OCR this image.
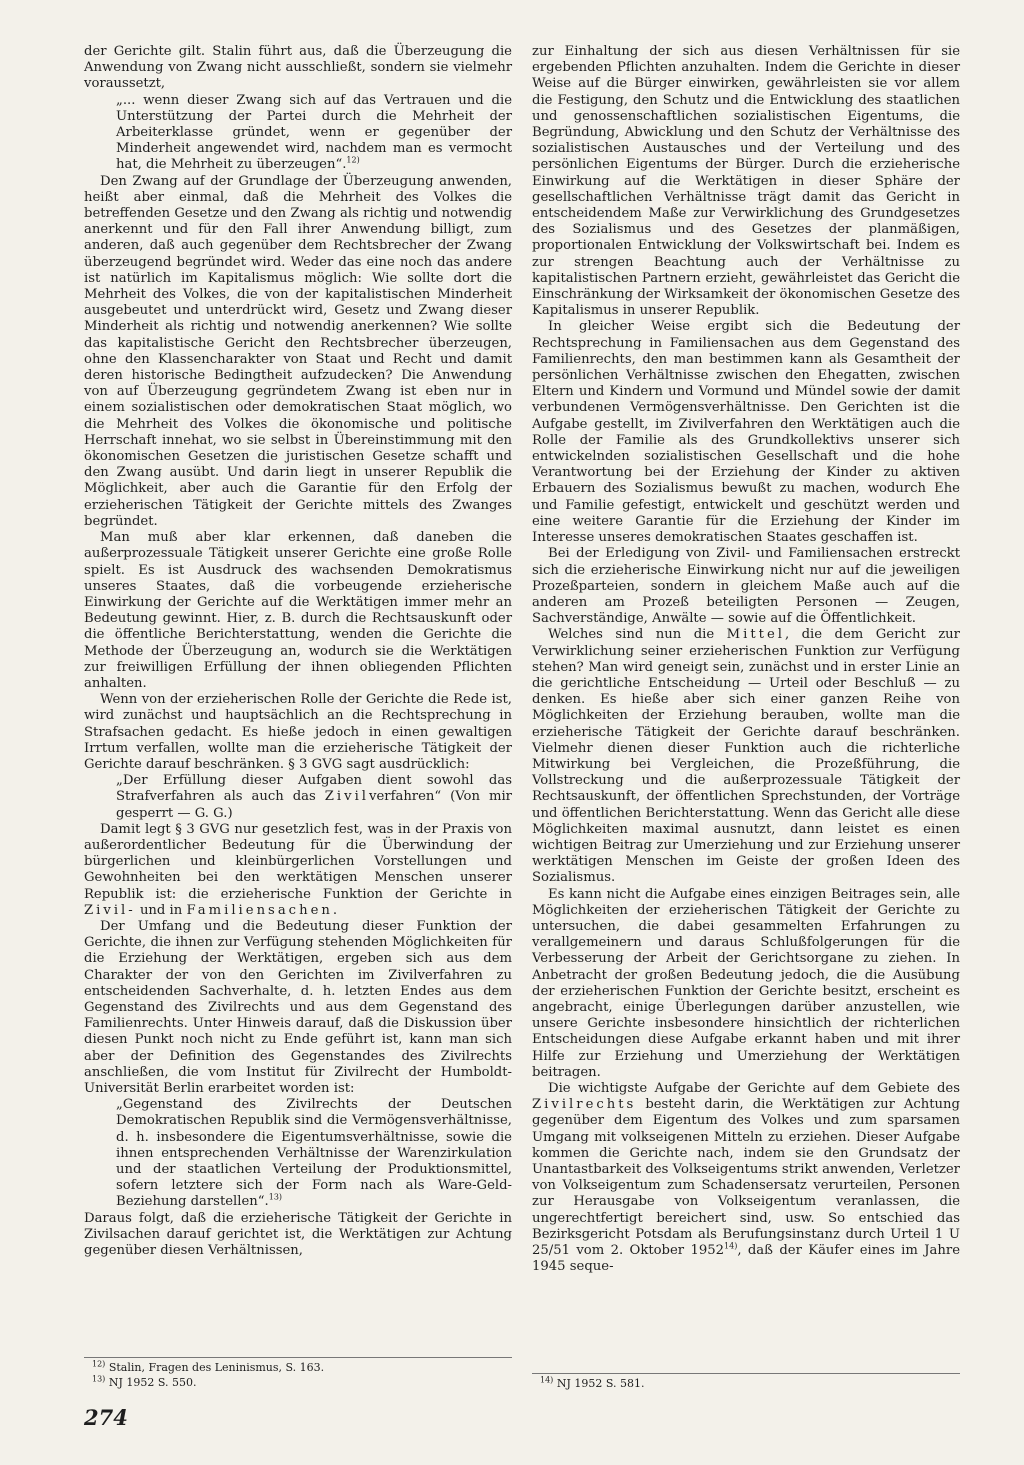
der Gerichte gilt. Stalin führt aus, daß die Überzeugung die Anwendung von Zwang nicht ausschließt, sondern sie vielmehr voraussetzt,

„... wenn dieser Zwang sich auf das Vertrauen und die Unterstützung der Partei durch die Mehrheit der Arbeiterklasse gründet, wenn er gegenüber der Minderheit angewendet wird, nachdem man es vermocht hat, die Mehrheit zu überzeugen“.$^{12)}$

Den Zwang auf der Grundlage der Überzeugung anwenden, heißt aber einmal, daß die Mehrheit des Volkes die betreffenden Gesetze und den Zwang als richtig und notwendig anerkennt und für den Fall ihrer Anwendung billigt, zum anderen, daß auch gegenüber dem Rechtsbrecher der Zwang überzeugend begründet wird. Weder das eine noch das andere ist natürlich im Kapitalismus möglich: Wie sollte dort die Mehrheit des Volkes, die von der kapitalistischen Minderheit ausgebeutet und unterdrückt wird, Gesetz und Zwang dieser Minderheit als richtig und notwendig anerkennen? Wie sollte das kapitalistische Gericht den Rechtsbrecher überzeugen, ohne den Klassencharakter von Staat und Recht und damit deren historische Bedingtheit aufzudecken? Die Anwendung von auf Überzeugung gegründetem Zwang ist eben nur in einem sozialistischen oder demokratischen Staat möglich, wo die Mehrheit des Volkes die ökonomische und politische Herrschaft innehat, wo sie selbst in Übereinstimmung mit den ökonomischen Gesetzen die juristischen Gesetze schafft und den Zwang ausübt. Und darin liegt in unserer Republik die Möglichkeit, aber auch die Garantie für den Erfolg der erzieherischen Tätigkeit der Gerichte mittels des Zwanges begründet.

Man muß aber klar erkennen, daß daneben die außerprozessuale Tätigkeit unserer Gerichte eine große Rolle spielt. Es ist Ausdruck des wachsenden Demokratismus unseres Staates, daß die vorbeugende erzieherische Einwirkung der Gerichte auf die Werktätigen immer mehr an Bedeutung gewinnt. Hier, z. B. durch die Rechtsauskunft oder die öffentliche Berichterstattung, wenden die Gerichte die Methode der Überzeugung an, wodurch sie die Werktätigen zur freiwilligen Erfüllung der ihnen obliegenden Pflichten anhalten.

Wenn von der erzieherischen Rolle der Gerichte die Rede ist, wird zunächst und hauptsächlich an die Rechtsprechung in Strafsachen gedacht. Es hieße jedoch in einen gewaltigen Irrtum verfallen, wollte man die erzieherische Tätigkeit der Gerichte darauf beschränken. § 3 GVG sagt ausdrücklich:

„Der Erfüllung dieser Aufgaben dient sowohl das Strafverfahren als auch das Zivilverfahren“ (Von mir gesperrt — G. G.)

Damit legt § 3 GVG nur gesetzlich fest, was in der Praxis von außerordentlicher Bedeutung für die Überwindung der bürgerlichen und kleinbürgerlichen Vorstellungen und Gewohnheiten bei den werktätigen Menschen unserer Republik ist: die erzieherische Funktion der Gerichte in Zivil- und in Familiensachen.

Der Umfang und die Bedeutung dieser Funktion der Gerichte, die ihnen zur Verfügung stehenden Möglichkeiten für die Erziehung der Werktätigen, ergeben sich aus dem Charakter der von den Gerichten im Zivilverfahren zu entscheidenden Sachverhalte, d. h. letzten Endes aus dem Gegenstand des Zivilrechts und aus dem Gegenstand des Familienrechts. Unter Hinweis darauf, daß die Diskussion über diesen Punkt noch nicht zu Ende geführt ist, kann man sich aber der Definition des Gegenstandes des Zivilrechts anschließen, die vom Institut für Zivilrecht der Humboldt-Universität Berlin erarbeitet worden ist:

„Gegenstand des Zivilrechts der Deutschen Demokratischen Republik sind die Vermögensverhältnisse, d. h. insbesondere die Eigentumsverhältnisse, sowie die ihnen entsprechenden Verhältnisse der Warenzirkulation und der staatlichen Verteilung der Produktionsmittel, sofern letztere sich der Form nach als Ware-Geld-Beziehung darstellen“.$^{13)}$

Daraus folgt, daß die erzieherische Tätigkeit der Gerichte in Zivilsachen darauf gerichtet ist, die Werktätigen zur Achtung gegenüber diesen Verhältnissen,

zur Einhaltung der sich aus diesen Verhältnissen für sie ergebenden Pflichten anzuhalten. Indem die Gerichte in dieser Weise auf die Bürger einwirken, gewährleisten sie vor allem die Festigung, den Schutz und die Entwicklung des staatlichen und genossenschaftlichen sozialistischen Eigentums, die Begründung, Abwicklung und den Schutz der Verhältnisse des sozialistischen Austausches und der Verteilung und des persönlichen Eigentums der Bürger. Durch die erzieherische Einwirkung auf die Werktätigen in dieser Sphäre der gesellschaftlichen Verhältnisse trägt damit das Gericht in entscheidendem Maße zur Verwirklichung des Grundgesetzes des Sozialismus und des Gesetzes der planmäßigen, proportionalen Entwicklung der Volkswirtschaft bei. Indem es zur strengen Beachtung auch der Verhältnisse zu kapitalistischen Partnern erzieht, gewährleistet das Gericht die Einschränkung der Wirksamkeit der ökonomischen Gesetze des Kapitalismus in unserer Republik.

In gleicher Weise ergibt sich die Bedeutung der Rechtsprechung in Familiensachen aus dem Gegenstand des Familienrechts, den man bestimmen kann als Gesamtheit der persönlichen Verhältnisse zwischen den Ehegatten, zwischen Eltern und Kindern und Vormund und Mündel sowie der damit verbundenen Vermögensverhältnisse. Den Gerichten ist die Aufgabe gestellt, im Zivilverfahren den Werktätigen auch die Rolle der Familie als des Grundkollektivs unserer sich entwickelnden sozialistischen Gesellschaft und die hohe Verantwortung bei der Erziehung der Kinder zu aktiven Erbauern des Sozialismus bewußt zu machen, wodurch Ehe und Familie gefestigt, entwickelt und geschützt werden und eine weitere Garantie für die Erziehung der Kinder im Interesse unseres demokratischen Staates geschaffen ist.

Bei der Erledigung von Zivil- und Familiensachen erstreckt sich die erzieherische Einwirkung nicht nur auf die jeweiligen Prozeßparteien, sondern in gleichem Maße auch auf die anderen am Prozeß beteiligten Personen — Zeugen, Sachverständige, Anwälte — sowie auf die Öffentlichkeit.

Welches sind nun die Mittel, die dem Gericht zur Verwirklichung seiner erzieherischen Funktion zur Verfügung stehen? Man wird geneigt sein, zunächst und in erster Linie an die gerichtliche Entscheidung — Urteil oder Beschluß — zu denken. Es hieße aber sich einer ganzen Reihe von Möglichkeiten der Erziehung berauben, wollte man die erzieherische Tätigkeit der Gerichte darauf beschränken. Vielmehr dienen dieser Funktion auch die richterliche Mitwirkung bei Vergleichen, die Prozeßführung, die Vollstreckung und die außerprozessuale Tätigkeit der Rechtsauskunft, der öffentlichen Sprechstunden, der Vorträge und öffentlichen Berichterstattung. Wenn das Gericht alle diese Möglichkeiten maximal ausnutzt, dann leistet es einen wichtigen Beitrag zur Umerziehung und zur Erziehung unserer werktätigen Menschen im Geiste der großen Ideen des Sozialismus.

Es kann nicht die Aufgabe eines einzigen Beitrages sein, alle Möglichkeiten der erzieherischen Tätigkeit der Gerichte zu untersuchen, die dabei gesammelten Erfahrungen zu verallgemeinern und daraus Schlußfolgerungen für die Verbesserung der Arbeit der Gerichtsorgane zu ziehen. In Anbetracht der großen Bedeutung jedoch, die die Ausübung der erzieherischen Funktion der Gerichte besitzt, erscheint es angebracht, einige Überlegungen darüber anzustellen, wie unsere Gerichte insbesondere hinsichtlich der richterlichen Entscheidungen diese Aufgabe erkannt haben und mit ihrer Hilfe zur Erziehung und Umerziehung der Werktätigen beitragen.

Die wichtigste Aufgabe der Gerichte auf dem Gebiete des Zivilrechts besteht darin, die Werktätigen zur Achtung gegenüber dem Eigentum des Volkes und zum sparsamen Umgang mit volkseigenen Mitteln zu erziehen. Dieser Aufgabe kommen die Gerichte nach, indem sie den Grundsatz der Unantastbarkeit des Volkseigentums strikt anwenden, Verletzer von Volkseigentum zum Schadensersatz verurteilen, Personen zur Herausgabe von Volkseigentum veranlassen, die ungerechtfertigt bereichert sind, usw. So entschied das Bezirksgericht Potsdam als Berufungsinstanz durch Urteil 1 U 25/51 vom 2. Oktober 1952$^{14)}$, daß der Käufer eines im Jahre 1945 seque-

$^{12)}$ Stalin, Fragen des Leninismus, S. 163.

$^{13)}$ NJ 1952 S. 550.	$^{14)}$ NJ 1952 S. 581.

274
